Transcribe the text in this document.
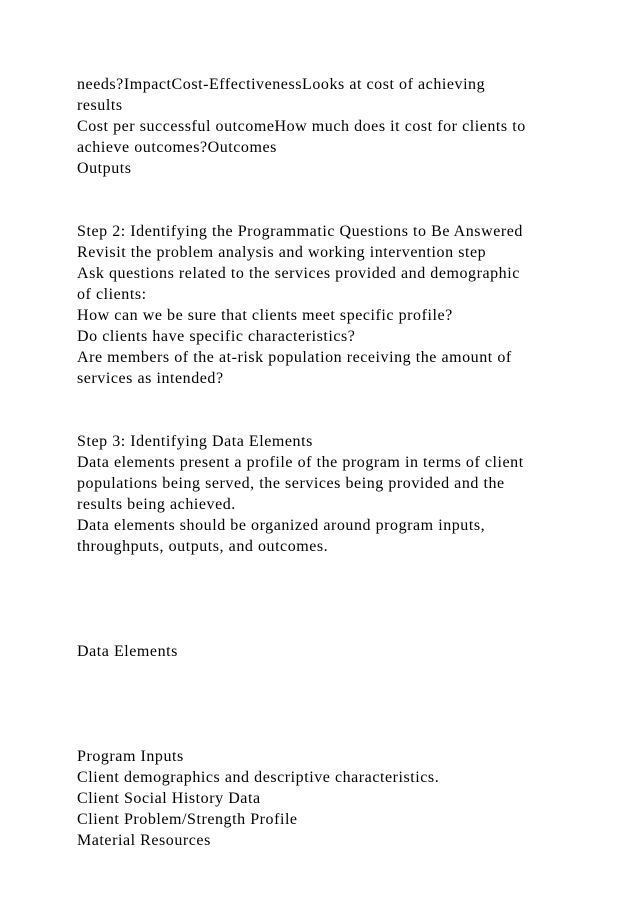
needs?ImpactCost-EffectivenessLooks at cost of achieving
results
Cost per successful outcomeHow much does it cost for clients to
achieve outcomes?Outcomes
Outputs
Step 2: Identifying the Programmatic Questions to Be Answered
Revisit the problem analysis and working intervention step
Ask questions related to the services provided and demographic
of clients:
How can we be sure that clients meet specific profile?
Do clients have specific characteristics?
Are members of the at-risk population receiving the amount of
services as intended?
Step 3: Identifying Data Elements
Data elements present a profile of the program in terms of client
populations being served, the services being provided and the
results being achieved.
Data elements should be organized around program inputs,
throughputs, outputs, and outcomes.
Data Elements
Program Inputs
Client demographics and descriptive characteristics.
Client Social History Data
Client Problem/Strength Profile
Material Resources
